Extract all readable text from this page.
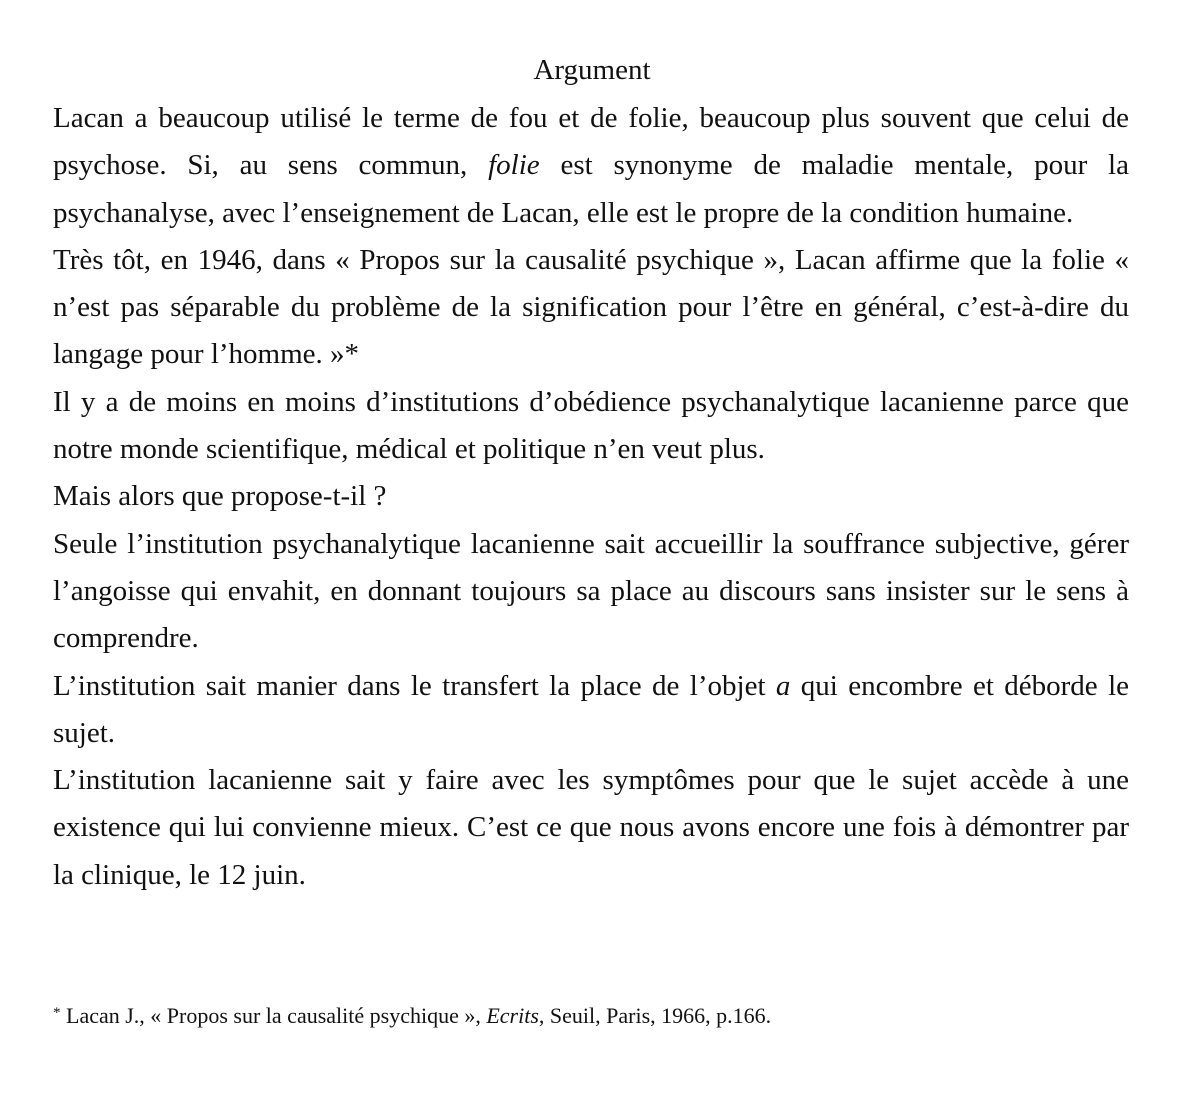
Argument

Lacan a beaucoup utilisé le terme de fou et de folie, beaucoup plus souvent que celui de psychose. Si, au sens commun, folie est synonyme de maladie mentale, pour la psychanalyse, avec l’enseignement de Lacan, elle est le propre de la condition humaine.

Très tôt, en 1946, dans « Propos sur la causalité psychique », Lacan affirme que la folie « n’est pas séparable du problème de la signification pour l’être en général, c’est-à-dire du langage pour l’homme. »*

Il y a de moins en moins d’institutions d’obédience psychanalytique lacanienne parce que notre monde scientifique, médical et politique n’en veut plus.

Mais alors que propose-t-il ?

Seule l’institution psychanalytique lacanienne sait accueillir la souffrance subjective, gérer l’angoisse qui envahit, en donnant toujours sa place au discours sans insister sur le sens à comprendre.

L’institution sait manier dans le transfert la place de l’objet a qui encombre et déborde le sujet.

L’institution lacanienne sait y faire avec les symptômes pour que le sujet accède à une existence qui lui convienne mieux. C’est ce que nous avons encore une fois à démontrer par la clinique, le 12 juin.

* Lacan J., « Propos sur la causalité psychique », Ecrits, Seuil, Paris, 1966, p.166.
